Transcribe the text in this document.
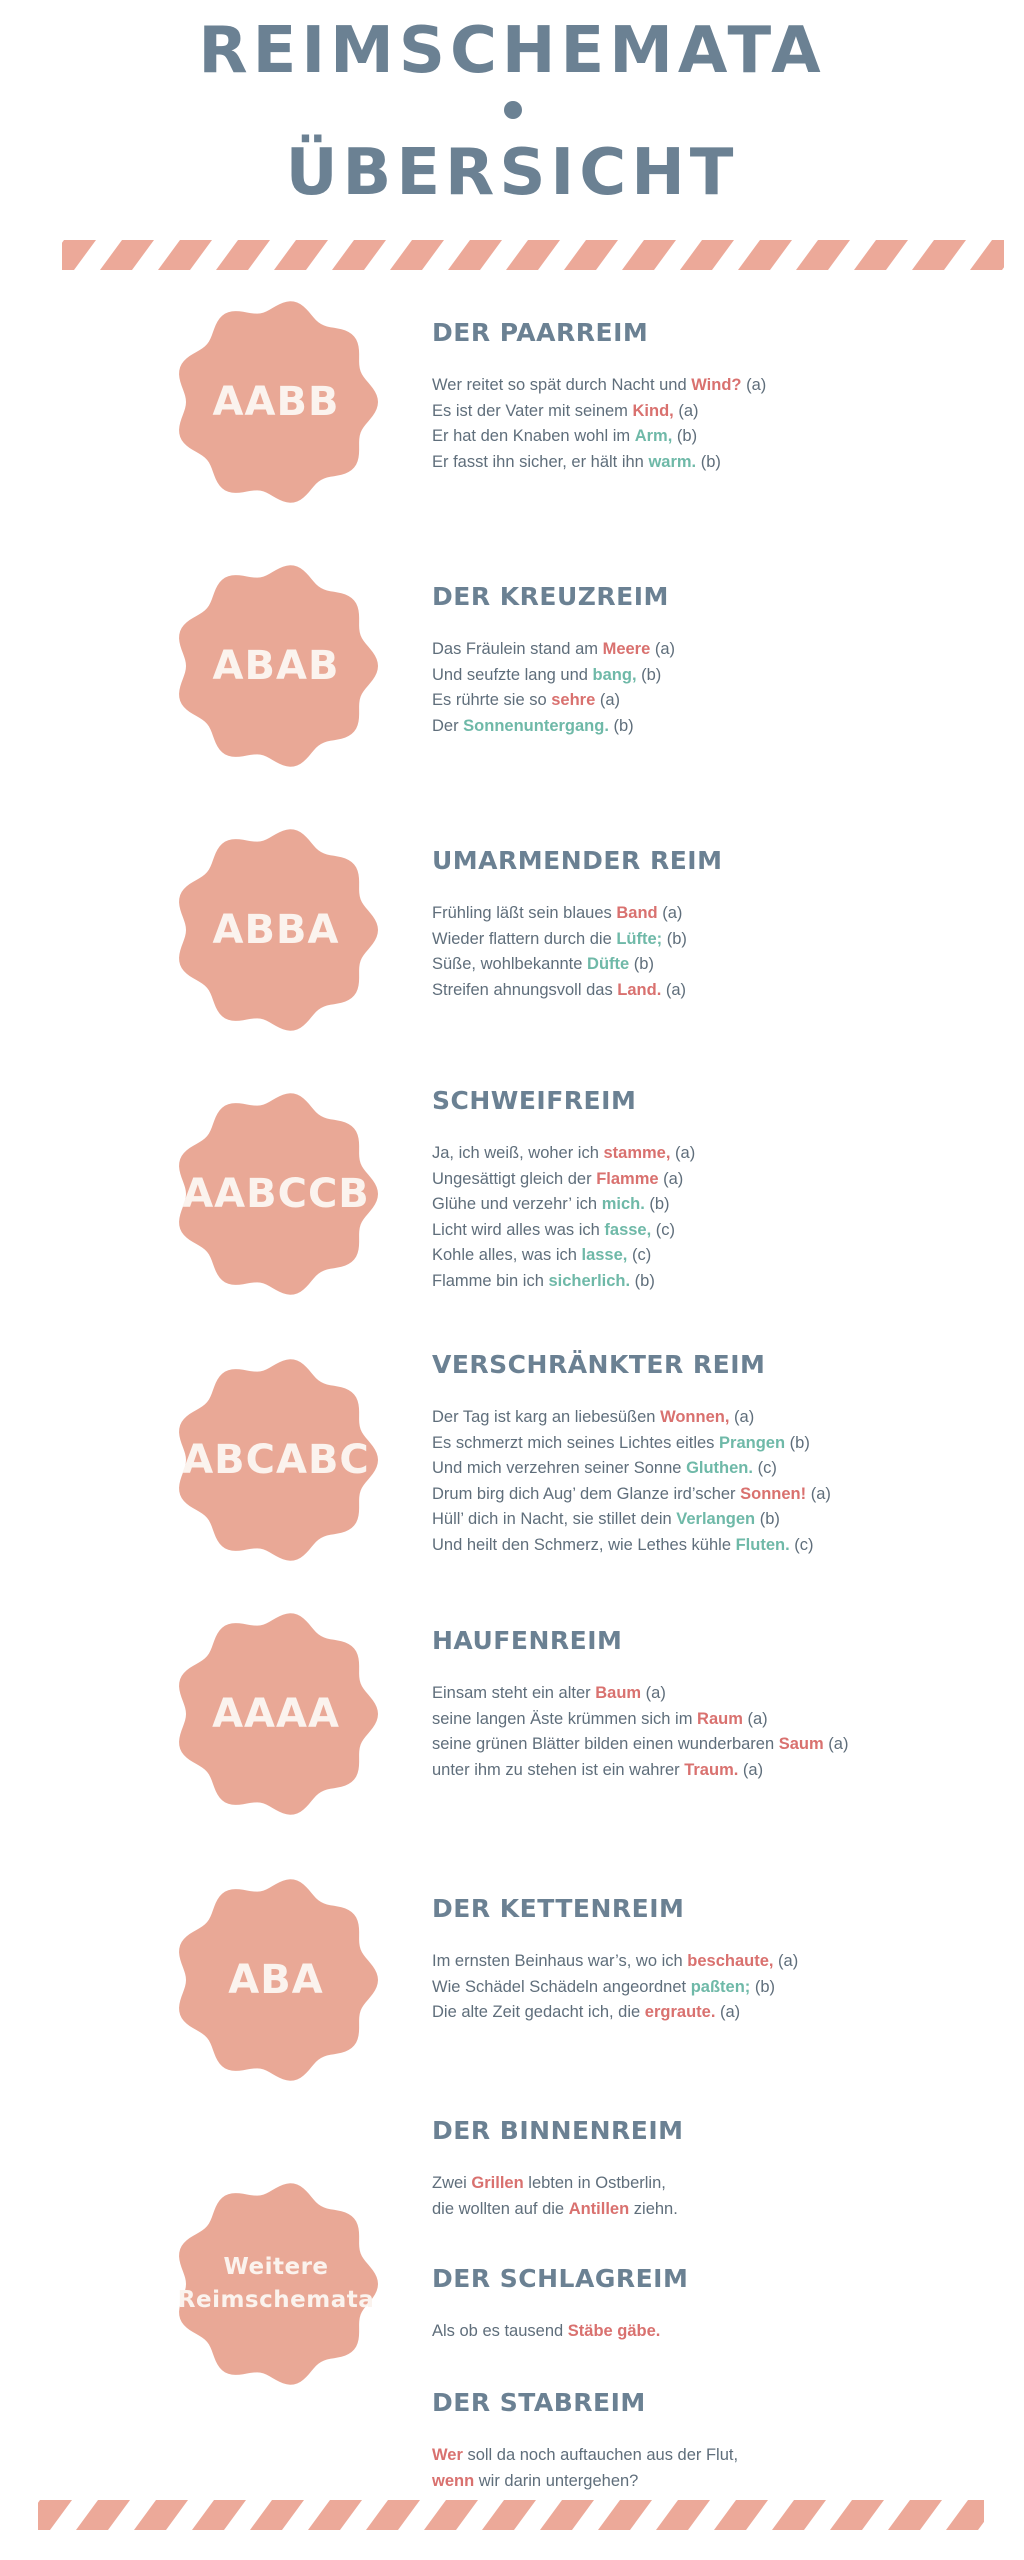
REIMSCHEMATA
ÜBERSICHT
AABB
ABAB
ABBA
AABCCB
ABCABC
AAAA
ABA
Weitere
Reimschemata
DER PAARREIM
Wer reitet so spät durch Nacht und Wind? (a)
Es ist der Vater mit seinem Kind, (a)
Er hat den Knaben wohl im Arm, (b)
Er fasst ihn sicher, er hält ihn warm. (b)
DER KREUZREIM
Das Fräulein stand am Meere (a)
Und seufzte lang und bang, (b)
Es rührte sie so sehre (a)
Der Sonnenuntergang. (b)
UMARMENDER REIM
Frühling läßt sein blaues Band (a)
Wieder flattern durch die Lüfte; (b)
Süße, wohlbekannte Düfte (b)
Streifen ahnungsvoll das Land. (a)
SCHWEIFREIM
Ja, ich weiß, woher ich stamme, (a)
Ungesättigt gleich der Flamme (a)
Glühe und verzehr’ ich mich. (b)
Licht wird alles was ich fasse, (c)
Kohle alles, was ich lasse, (c)
Flamme bin ich sicherlich. (b)
VERSCHRÄNKTER REIM
Der Tag ist karg an liebesüßen Wonnen, (a)
Es schmerzt mich seines Lichtes eitles Prangen (b)
Und mich verzehren seiner Sonne Gluthen. (c)
Drum birg dich Aug’ dem Glanze ird’scher Sonnen! (a)
Hüll’ dich in Nacht, sie stillet dein Verlangen (b)
Und heilt den Schmerz, wie Lethes kühle Fluten. (c)
HAUFENREIM
Einsam steht ein alter Baum (a)
seine langen Äste krümmen sich im Raum (a)
seine grünen Blätter bilden einen wunderbaren Saum (a)
unter ihm zu stehen ist ein wahrer Traum. (a)
DER KETTENREIM
Im ernsten Beinhaus war’s, wo ich beschaute, (a)
Wie Schädel Schädeln angeordnet paßten; (b)
Die alte Zeit gedacht ich, die ergraute. (a)
DER BINNENREIM
Zwei Grillen lebten in Ostberlin,
die wollten auf die Antillen ziehn.
DER SCHLAGREIM
Als ob es tausend Stäbe gäbe.
DER STABREIM
Wer soll da noch auftauchen aus der Flut,
wenn wir darin untergehen?
